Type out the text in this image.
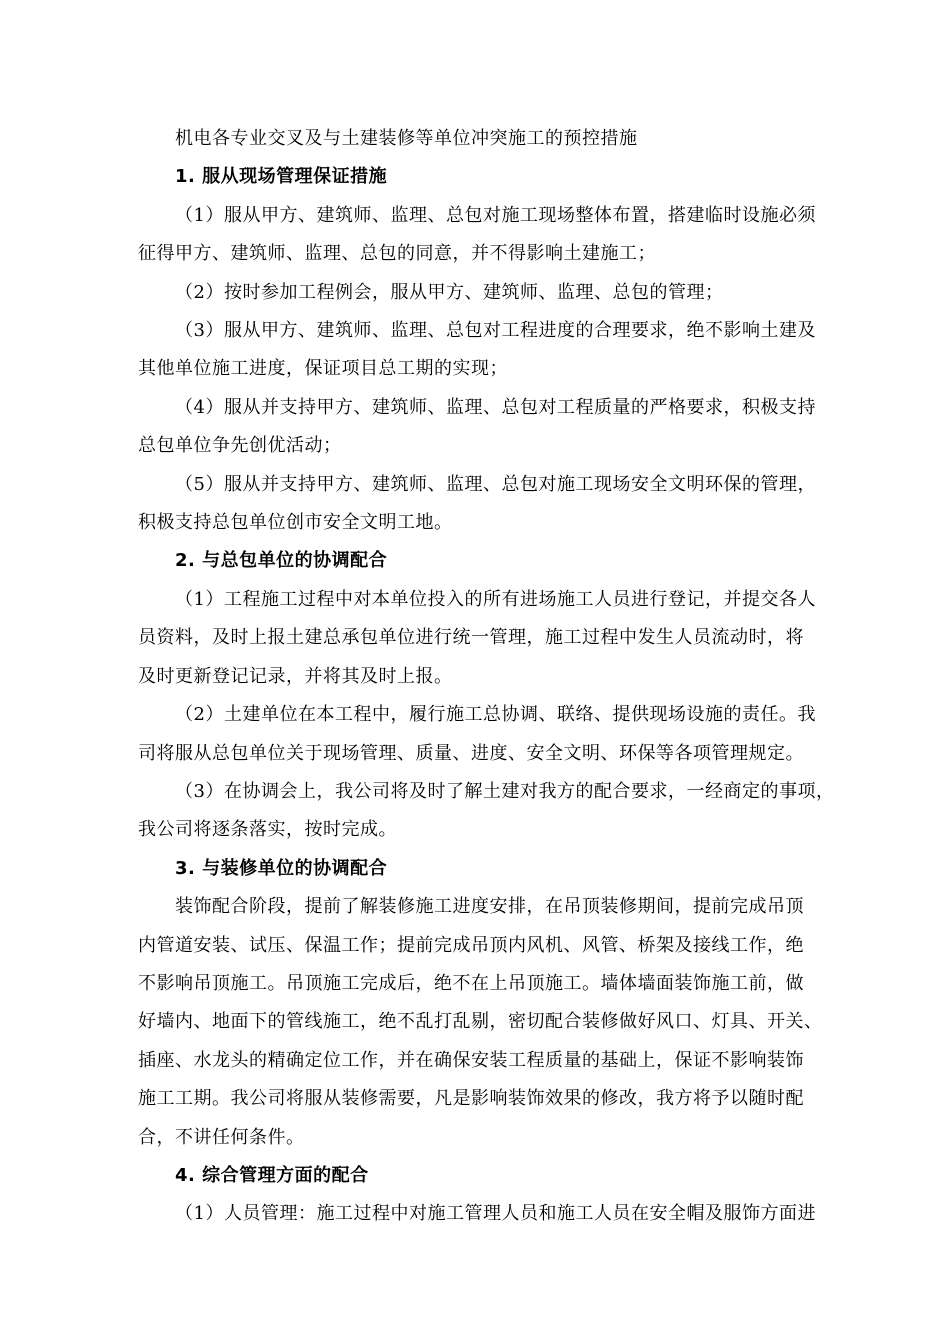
机电各专业交叉及与土建装修等单位冲突施工的预控措施
1. 服从现场管理保证措施
（1）服从甲方、建筑师、监理、总包对施工现场整体布置，搭建临时设施必须
征得甲方、建筑师、监理、总包的同意，并不得影响土建施工；
（2）按时参加工程例会，服从甲方、建筑师、监理、总包的管理；
（3）服从甲方、建筑师、监理、总包对工程进度的合理要求，绝不影响土建及
其他单位施工进度，保证项目总工期的实现；
（4）服从并支持甲方、建筑师、监理、总包对工程质量的严格要求，积极支持
总包单位争先创优活动；
（5）服从并支持甲方、建筑师、监理、总包对施工现场安全文明环保的管理，
积极支持总包单位创市安全文明工地。
2. 与总包单位的协调配合
（1）工程施工过程中对本单位投入的所有进场施工人员进行登记，并提交各人
员资料，及时上报土建总承包单位进行统一管理，施工过程中发生人员流动时，将
及时更新登记记录，并将其及时上报。
（2）土建单位在本工程中，履行施工总协调、联络、提供现场设施的责任。我
司将服从总包单位关于现场管理、质量、进度、安全文明、环保等各项管理规定。
（3）在协调会上，我公司将及时了解土建对我方的配合要求，一经商定的事项，
我公司将逐条落实，按时完成。
3. 与装修单位的协调配合
装饰配合阶段，提前了解装修施工进度安排，在吊顶装修期间，提前完成吊顶
内管道安装、试压、保温工作；提前完成吊顶内风机、风管、桥架及接线工作，绝
不影响吊顶施工。吊顶施工完成后，绝不在上吊顶施工。墙体墙面装饰施工前，做
好墙内、地面下的管线施工，绝不乱打乱剔，密切配合装修做好风口、灯具、开关、
插座、水龙头的精确定位工作，并在确保安装工程质量的基础上，保证不影响装饰
施工工期。我公司将服从装修需要，凡是影响装饰效果的修改，我方将予以随时配
合，不讲任何条件。
4. 综合管理方面的配合
（1）人员管理：施工过程中对施工管理人员和施工人员在安全帽及服饰方面进
